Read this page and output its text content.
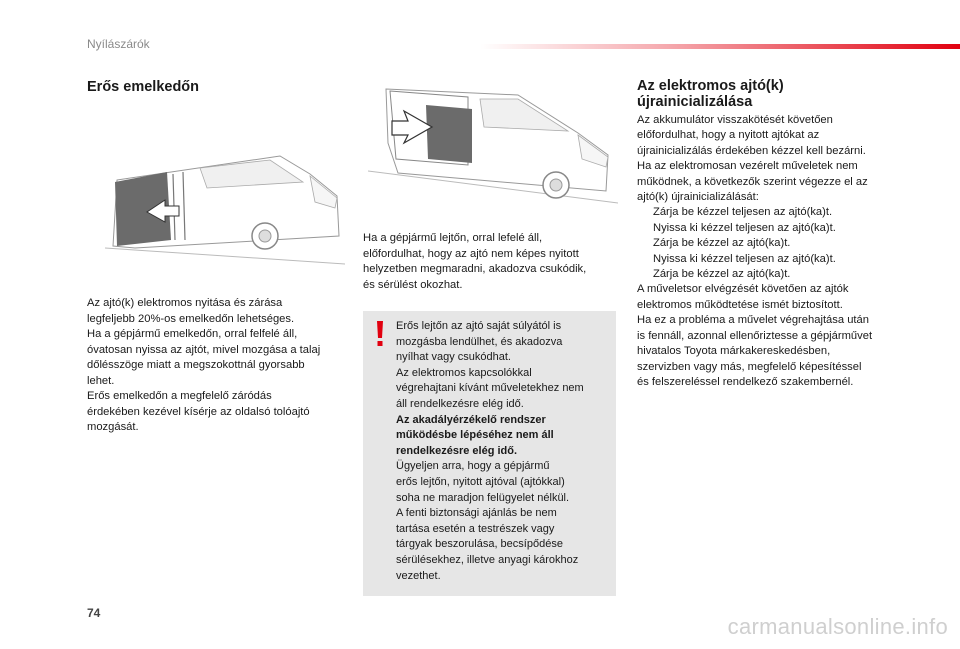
Nyílászárók
Erős emelkedőn
Az ajtó(k) elektromos nyitása és zárása
legfeljebb 20%-os emelkedőn lehetséges.
Ha a gépjármű emelkedőn, orral felfelé áll,
óvatosan nyissa az ajtót, mivel mozgása a talaj
dőlésszöge miatt a megszokottnál gyorsabb
lehet.
Erős emelkedőn a megfelelő záródás
érdekében kezével kísérje az oldalsó tolóajtó
mozgását.
Ha a gépjármű lejtőn, orral lefelé áll,
előfordulhat, hogy az ajtó nem képes nyitott
helyzetben megmaradni, akadozva csukódik,
és sérülést okozhat.
Erős lejtőn az ajtó saját súlyától is
mozgásba lendülhet, és akadozva
nyílhat vagy csukódhat.
Az elektromos kapcsolókkal
végrehajtani kívánt műveletekhez nem
áll rendelkezésre elég idő.
Az akadályérzékelő rendszer
működésbe lépéséhez nem áll
rendelkezésre elég idő.
Ügyeljen arra, hogy a gépjármű
erős lejtőn, nyitott ajtóval (ajtókkal)
soha ne maradjon felügyelet nélkül.
A fenti biztonsági ajánlás be nem
tartása esetén a testrészek vagy
tárgyak beszorulása, becsípődése
sérülésekhez, illetve anyagi károkhoz
vezethet.
Az elektromos ajtó(k)
újrainicializálása
Az akkumulátor visszakötését követően
előfordulhat, hogy a nyitott ajtókat az
újrainicializálás érdekében kézzel kell bezárni.
Ha az elektromosan vezérelt műveletek nem
működnek, a következők szerint végezze el az
ajtó(k) újrainicializálását:
Zárja be kézzel teljesen az ajtó(ka)t.
Nyissa ki kézzel teljesen az ajtó(ka)t.
Zárja be kézzel az ajtó(ka)t.
Nyissa ki kézzel teljesen az ajtó(ka)t.
Zárja be kézzel az ajtó(ka)t.
A műveletsor elvégzését követően az ajtók
elektromos működtetése ismét biztosított.
Ha ez a probléma a művelet végrehajtása után
is fennáll, azonnal ellenőriztesse a gépjárművet
hivatalos Toyota márkakereskedésben,
szervizben vagy más, megfelelő képesítéssel
és felszereléssel rendelkező szakembernél.
74
carmanualsonline.info
